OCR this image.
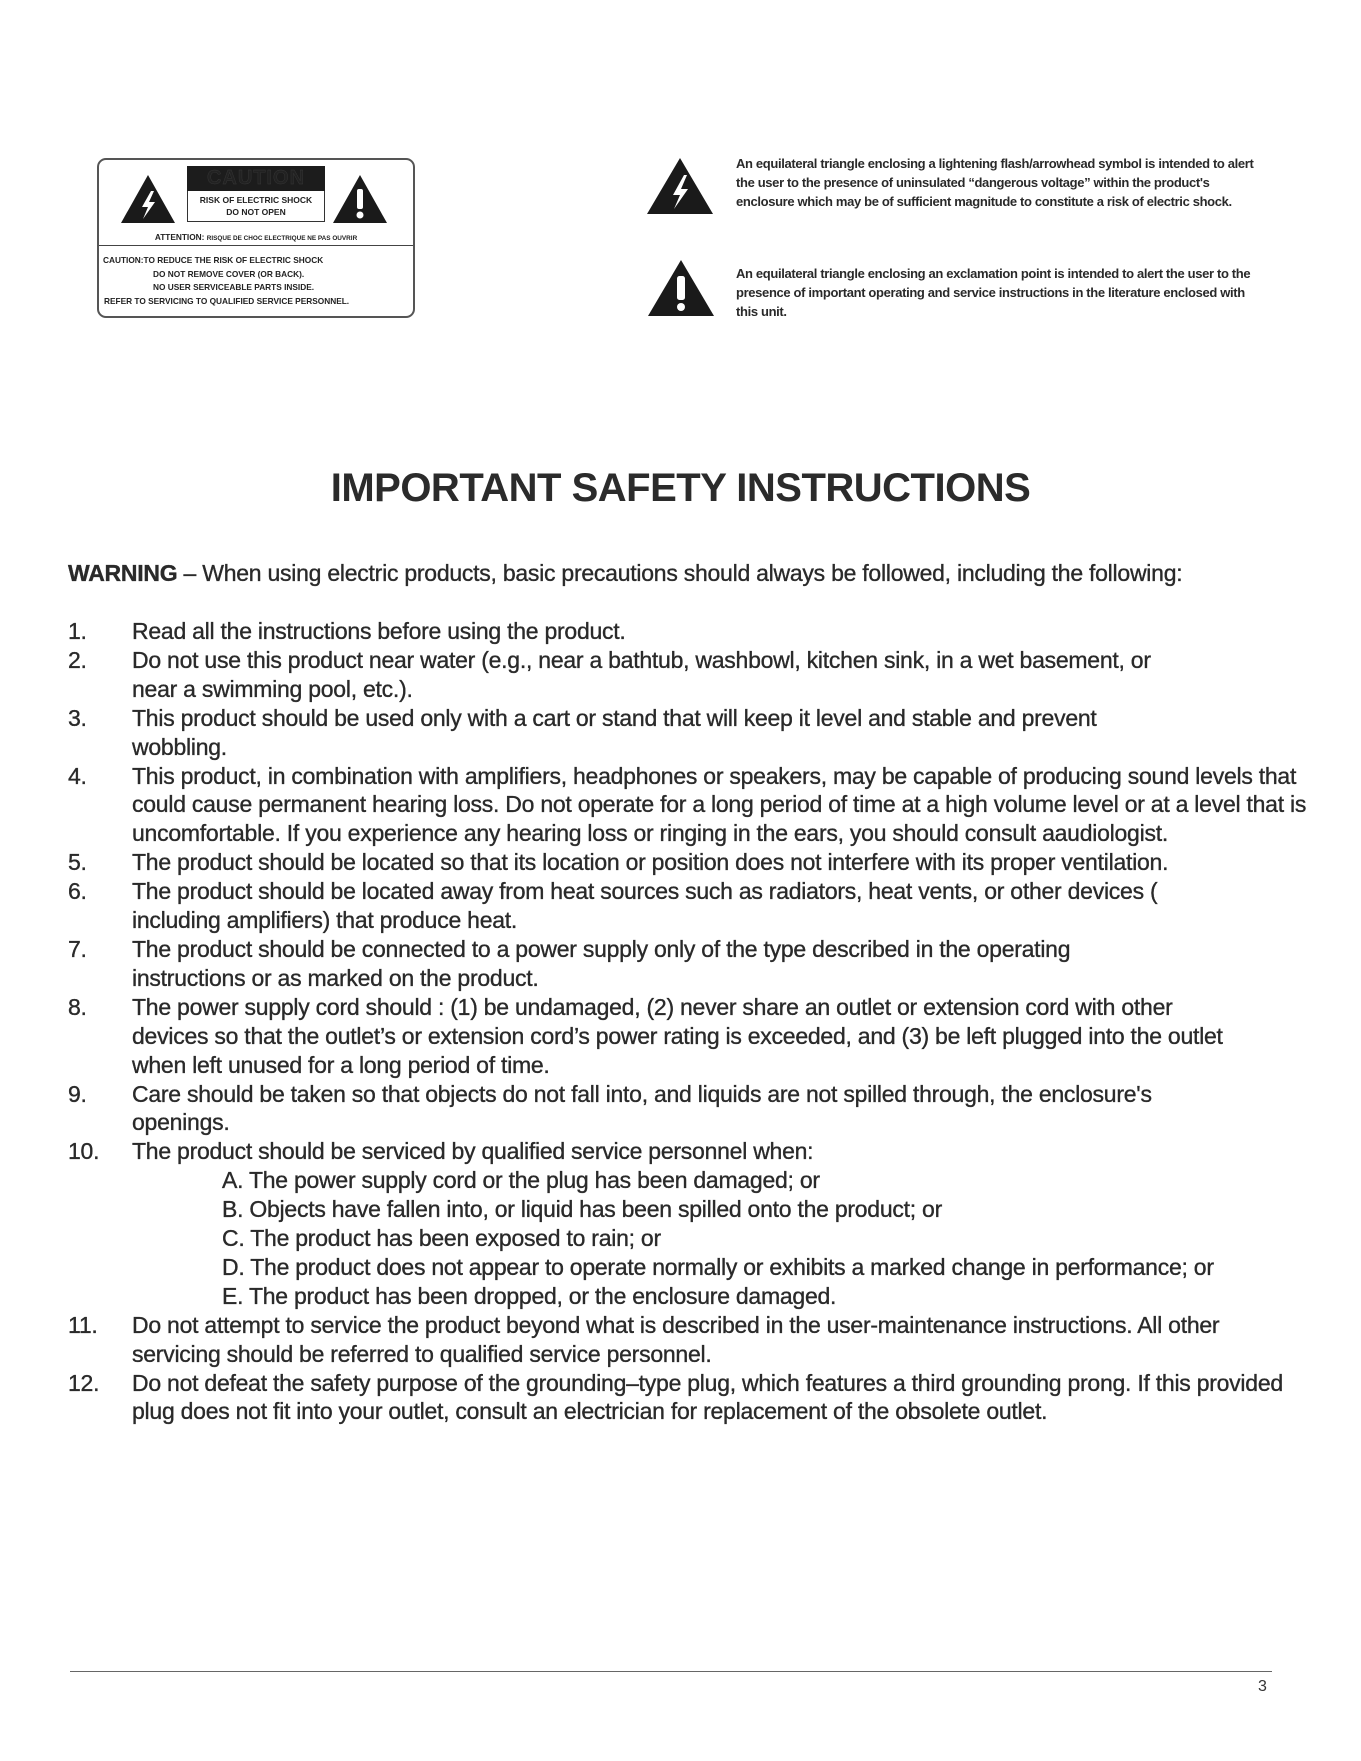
CAUTION
RISK OF ELECTRIC SHOCK
DO NOT OPEN
ATTENTION: RISQUE DE CHOC ELECTRIQUE NE PAS OUVRIR
CAUTION:TO REDUCE THE RISK OF ELECTRIC SHOCK
DO NOT REMOVE COVER (OR BACK).
NO USER SERVICEABLE PARTS INSIDE.
REFER TO SERVICING TO QUALIFIED SERVICE PERSONNEL.
An equilateral triangle enclosing a lightening flash/arrowhead symbol is intended to alert the user to the presence of uninsulated “dangerous voltage” within the product's enclosure which may be of sufficient magnitude to constitute a risk of electric shock.
An equilateral triangle enclosing an exclamation point is intended to alert the user to the presence of important operating and service instructions in the literature enclosed with this unit.
IMPORTANT SAFETY INSTRUCTIONS
WARNING – When using electric products, basic precautions should always be followed, including the following:
1. Read all the instructions before using the product.
2. Do not use this product near water (e.g., near a bathtub, washbowl, kitchen sink, in a wet basement, or near a swimming pool, etc.).
3. This product should be used only with a cart or stand that will keep it level and stable and prevent wobbling.
4. This product, in combination with amplifiers, headphones or speakers, may be capable of producing sound levels that could cause permanent hearing loss. Do not operate for a long period of time at a high volume level or at a level that is uncomfortable. If you experience any hearing loss or ringing in the ears, you should consult aaudiologist.
5. The product should be located so that its location or position does not interfere with its proper ventilation.
6. The product should be located away from heat sources such as radiators, heat vents, or other devices ( including amplifiers) that produce heat.
7. The product should be connected to a power supply only of the type described in the operating instructions or as marked on the product.
8. The power supply cord should : (1) be undamaged, (2) never share an outlet or extension cord with other devices so that the outlet’s or extension cord’s power rating is exceeded, and (3) be left plugged into the outlet when left unused for a long period of time.
9. Care should be taken so that objects do not fall into, and liquids are not spilled through, the enclosure's openings.
10. The product should be serviced by qualified service personnel when:
A. The power supply cord or the plug has been damaged; or
B. Objects have fallen into, or liquid has been spilled onto the product; or
C. The product has been exposed to rain; or
D. The product does not appear to operate normally or exhibits a marked change in performance; or
E. The product has been dropped, or the enclosure damaged.
11. Do not attempt to service the product beyond what is described in the user-maintenance instructions. All other servicing should be referred to qualified service personnel.
12. Do not defeat the safety purpose of the grounding–type plug, which features a third grounding prong. If this provided plug does not fit into your outlet, consult an electrician for replacement of the obsolete outlet.
3
